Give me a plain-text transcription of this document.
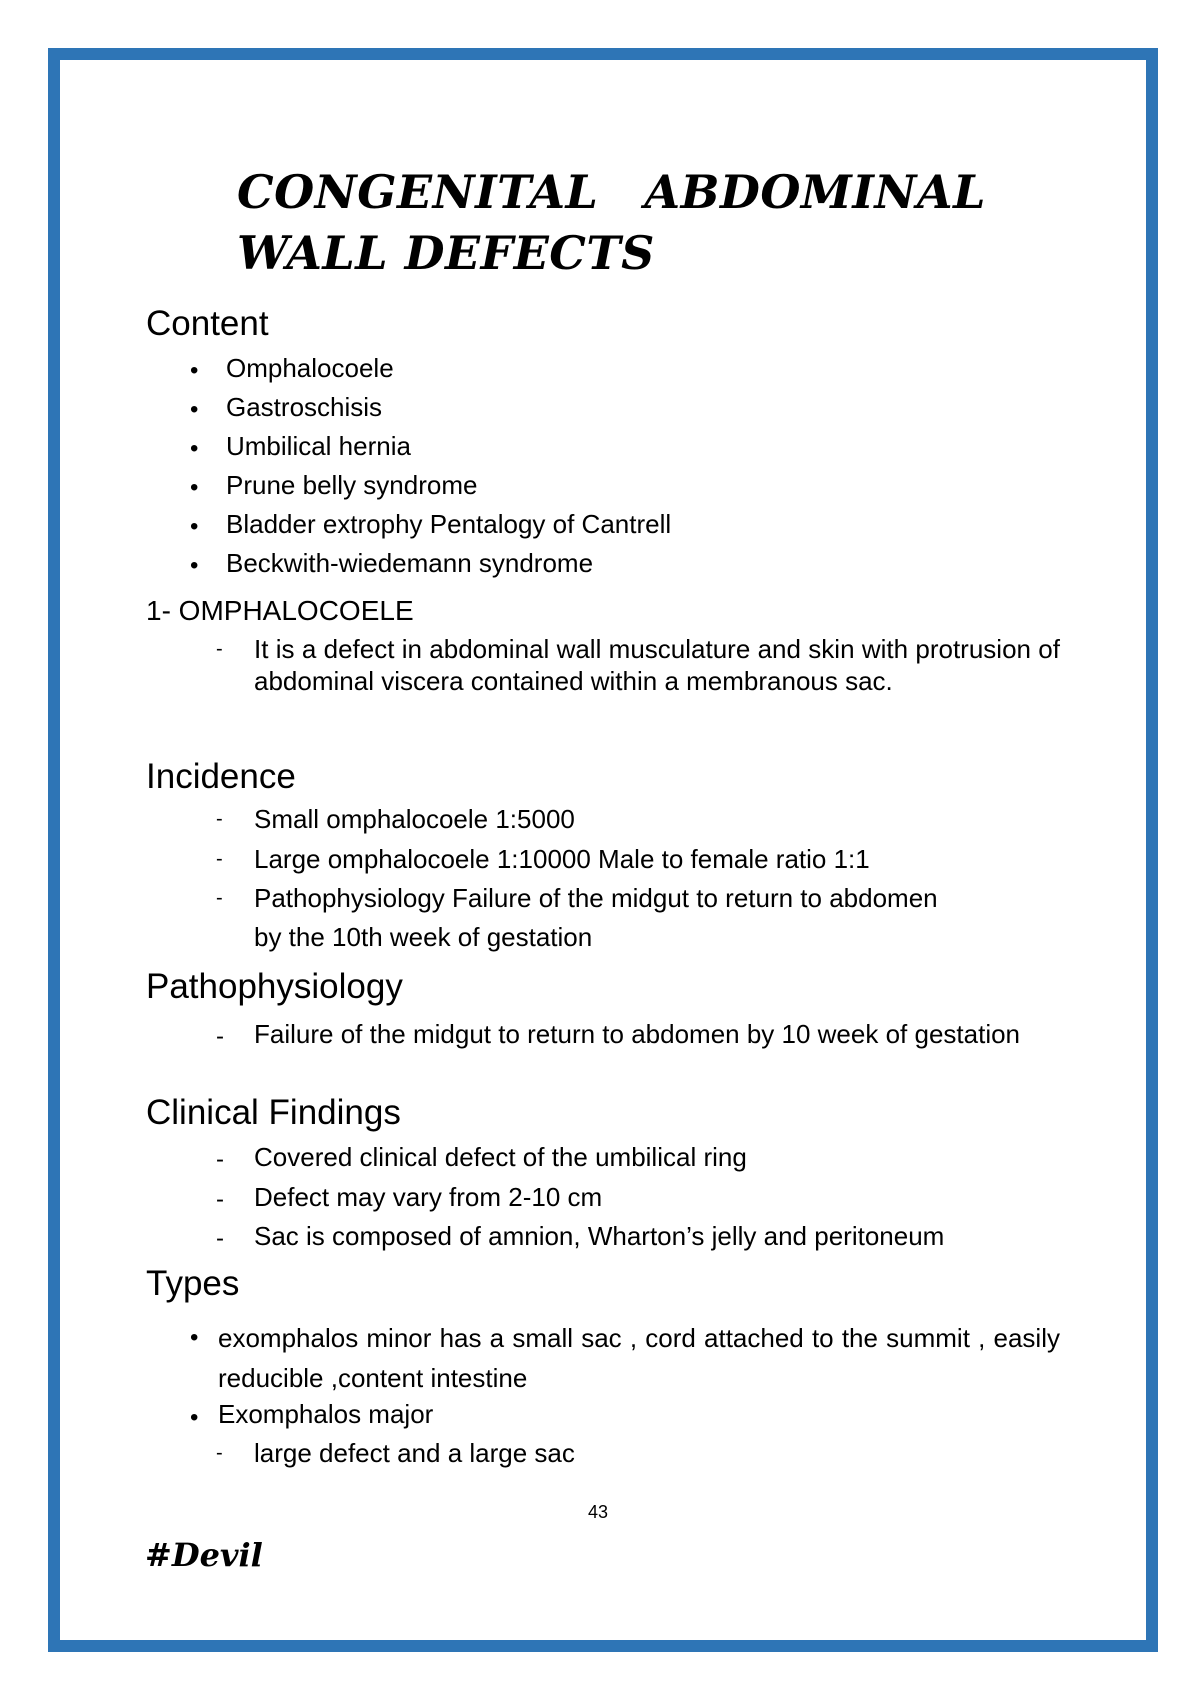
CONGENITAL ABDOMINAL
WALL DEFECTS
Content
• Omphalocoele
• Gastroschisis
• Umbilical hernia
• Prune belly syndrome
• Bladder extrophy Pentalogy of Cantrell
• Beckwith-wiedemann syndrome
1- OMPHALOCOELE
- It is a defect in abdominal wall musculature and skin with protrusion of abdominal viscera contained within a membranous sac.
Incidence
- Small omphalocoele 1:5000
- Large omphalocoele 1:10000 Male to female ratio 1:1
- Pathophysiology Failure of the midgut to return to abdomen
by the 10th week of gestation
Pathophysiology
- Failure of the midgut to return to abdomen by 10 week of gestation
Clinical Findings
- Covered clinical defect of the umbilical ring
- Defect may vary from 2-10 cm
- Sac is composed of amnion, Wharton’s jelly and peritoneum
Types
• exomphalos minor has a small sac , cord attached to the summit , easily reducible ,content intestine
• Exomphalos major
- large defect and a large sac
43
#Devil
